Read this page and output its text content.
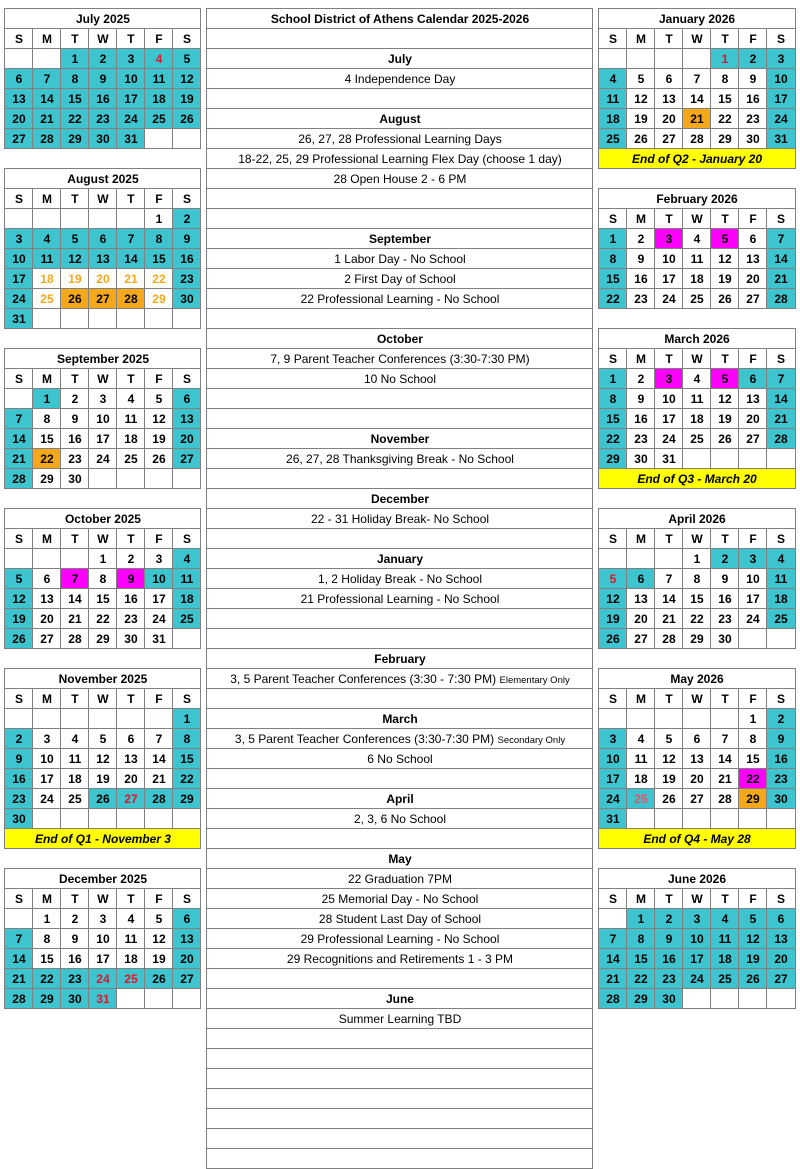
July 2025								School District of Athens Calendar 2025-2026		January 2026						
S	M	T	W	T	F	S				S	M	T	W	T	F	S
		1	2	3	4	5		July						1	2	3
6	7	8	9	10	11	12		4 Independence Day		4	5	6	7	8	9	10
13	14	15	16	17	18	19				11	12	13	14	15	16	17
20	21	22	23	24	25	26		August		18	19	20	21	22	23	24
27	28	29	30	31				26, 27, 28 Professional Learning Days		25	26	27	28	29	30	31
								18-22, 25, 29 Professional Learning Flex Day (choose 1 day)		End of Q2 - January 20						
August 2025								28 Open House 2 - 6 PM								
S	M	T	W	T	F	S				February 2026						
					1	2				S	M	T	W	T	F	S
3	4	5	6	7	8	9		September		1	2	3	4	5	6	7
10	11	12	13	14	15	16		1 Labor Day - No School		8	9	10	11	12	13	14
17	18	19	20	21	22	23		2 First Day of School		15	16	17	18	19	20	21
24	25	26	27	28	29	30		22 Professional Learning - No School		22	23	24	25	26	27	28
31																
								October		March 2026						
September 2025								7, 9 Parent Teacher Conferences (3:30-7:30 PM)		S	M	T	W	T	F	S
S	M	T	W	T	F	S		10 No School		1	2	3	4	5	6	7
	1	2	3	4	5	6				8	9	10	11	12	13	14
7	8	9	10	11	12	13				15	16	17	18	19	20	21
14	15	16	17	18	19	20		November		22	23	24	25	26	27	28
21	22	23	24	25	26	27		26, 27, 28 Thanksgiving Break - No School		29	30	31				
28	29	30								End of Q3 - March 20						
								December								
October 2025								22 - 31 Holiday Break- No School		April 2026						
S	M	T	W	T	F	S				S	M	T	W	T	F	S
			1	2	3	4		January					1	2	3	4
5	6	7	8	9	10	11		1, 2 Holiday Break - No School		5	6	7	8	9	10	11
12	13	14	15	16	17	18		21 Professional Learning - No School		12	13	14	15	16	17	18
19	20	21	22	23	24	25				19	20	21	22	23	24	25
26	27	28	29	30	31					26	27	28	29	30		
								February								
November 2025								3, 5 Parent Teacher Conferences (3:30 - 7:30 PM) Elementary Only		May 2026						
S	M	T	W	T	F	S				S	M	T	W	T	F	S
						1		March							1	2
2	3	4	5	6	7	8		3, 5 Parent Teacher Conferences (3:30-7:30 PM) Secondary Only		3	4	5	6	7	8	9
9	10	11	12	13	14	15		6 No School		10	11	12	13	14	15	16
16	17	18	19	20	21	22				17	18	19	20	21	22	23
23	24	25	26	27	28	29		April		24	25	26	27	28	29	30
30								2, 3, 6 No School		31						
End of Q1 - November 3										End of Q4 - May 28						
								May								
December 2025								22 Graduation 7PM		June 2026						
S	M	T	W	T	F	S		25 Memorial Day - No School		S	M	T	W	T	F	S
	1	2	3	4	5	6		28 Student Last Day of School			1	2	3	4	5	6
7	8	9	10	11	12	13		29 Professional Learning - No School		7	8	9	10	11	12	13
14	15	16	17	18	19	20		29 Recognitions and Retirements 1 - 3 PM		14	15	16	17	18	19	20
21	22	23	24	25	26	27				21	22	23	24	25	26	27
28	29	30	31					June		28	29	30				
								Summer Learning TBD								
